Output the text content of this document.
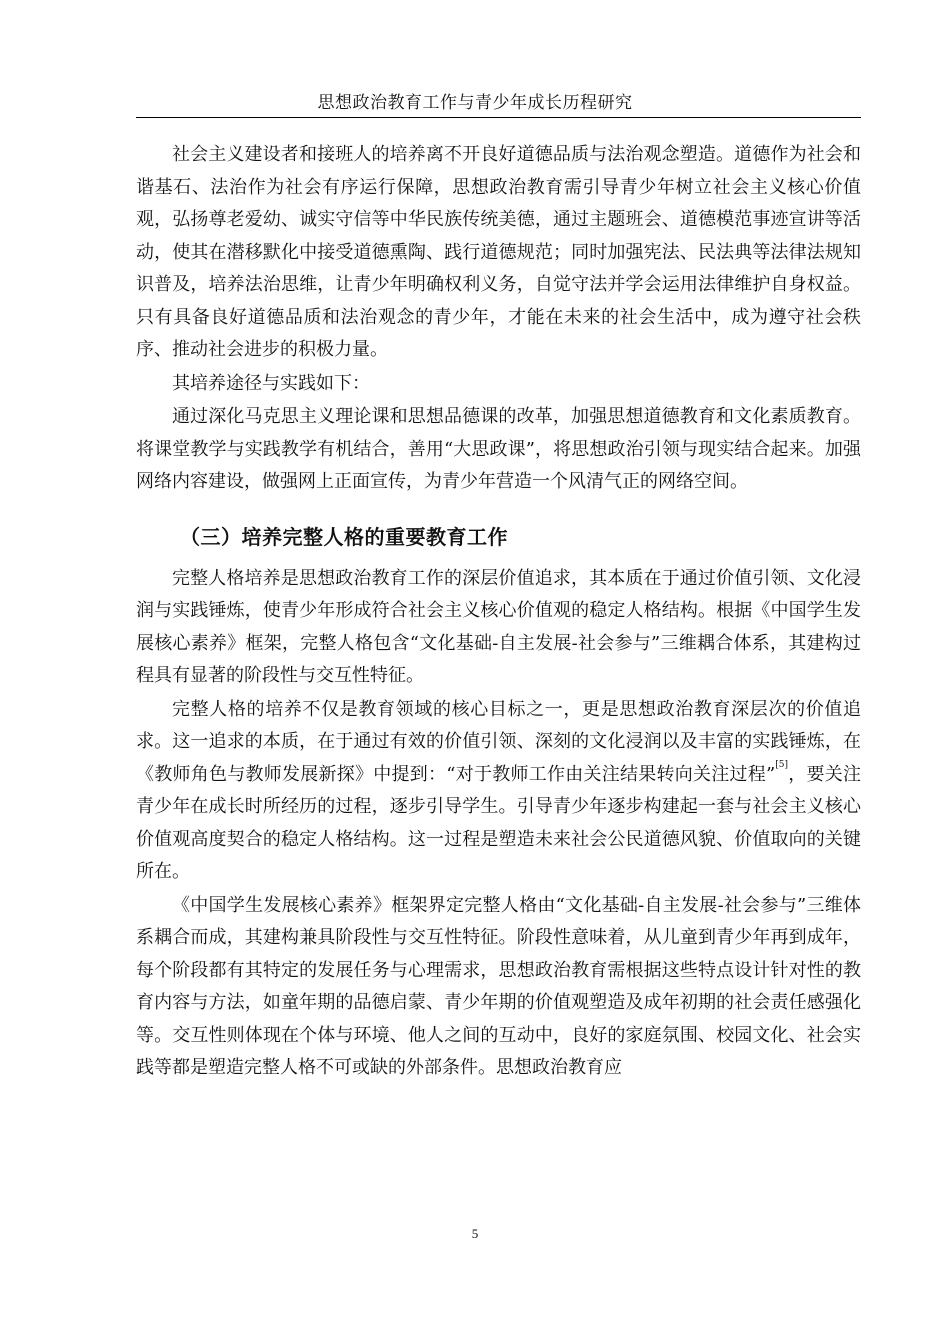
思想政治教育工作与青少年成长历程研究

社会主义建设者和接班人的培养离不开良好道德品质与法治观念塑造。道德作为社会和谐基石、法治作为社会有序运行保障，思想政治教育需引导青少年树立社会主义核心价值观，弘扬尊老爱幼、诚实守信等中华民族传统美德，通过主题班会、道德模范事迹宣讲等活动，使其在潜移默化中接受道德熏陶、践行道德规范；同时加强宪法、民法典等法律法规知识普及，培养法治思维，让青少年明确权利义务，自觉守法并学会运用法律维护自身权益。只有具备良好道德品质和法治观念的青少年，才能在未来的社会生活中，成为遵守社会秩序、推动社会进步的积极力量。

其培养途径与实践如下：

通过深化马克思主义理论课和思想品德课的改革，加强思想道德教育和文化素质教育。将课堂教学与实践教学有机结合，善用“大思政课”，将思想政治引领与现实结合起来。加强网络内容建设，做强网上正面宣传，为青少年营造一个风清气正的网络空间。

（三）培养完整人格的重要教育工作

完整人格培养是思想政治教育工作的深层价值追求，其本质在于通过价值引领、文化浸润与实践锤炼，使青少年形成符合社会主义核心价值观的稳定人格结构。根据《中国学生发展核心素养》框架，完整人格包含“文化基础-自主发展-社会参与”三维耦合体系，其建构过程具有显著的阶段性与交互性特征。

完整人格的培养不仅是教育领域的核心目标之一，更是思想政治教育深层次的价值追求。这一追求的本质，在于通过有效的价值引领、深刻的文化浸润以及丰富的实践锤炼，在《教师角色与教师发展新探》中提到：“对于教师工作由关注结果转向关注过程”[5]，要关注青少年在成长时所经历的过程，逐步引导学生。引导青少年逐步构建起一套与社会主义核心价值观高度契合的稳定人格结构。这一过程是塑造未来社会公民道德风貌、价值取向的关键所在。

《中国学生发展核心素养》框架界定完整人格由“文化基础-自主发展-社会参与”三维体系耦合而成，其建构兼具阶段性与交互性特征。阶段性意味着，从儿童到青少年再到成年，每个阶段都有其特定的发展任务与心理需求，思想政治教育需根据这些特点设计针对性的教育内容与方法，如童年期的品德启蒙、青少年期的价值观塑造及成年初期的社会责任感强化等。交互性则体现在个体与环境、他人之间的互动中，良好的家庭氛围、校园文化、社会实践等都是塑造完整人格不可或缺的外部条件。思想政治教育应

5
